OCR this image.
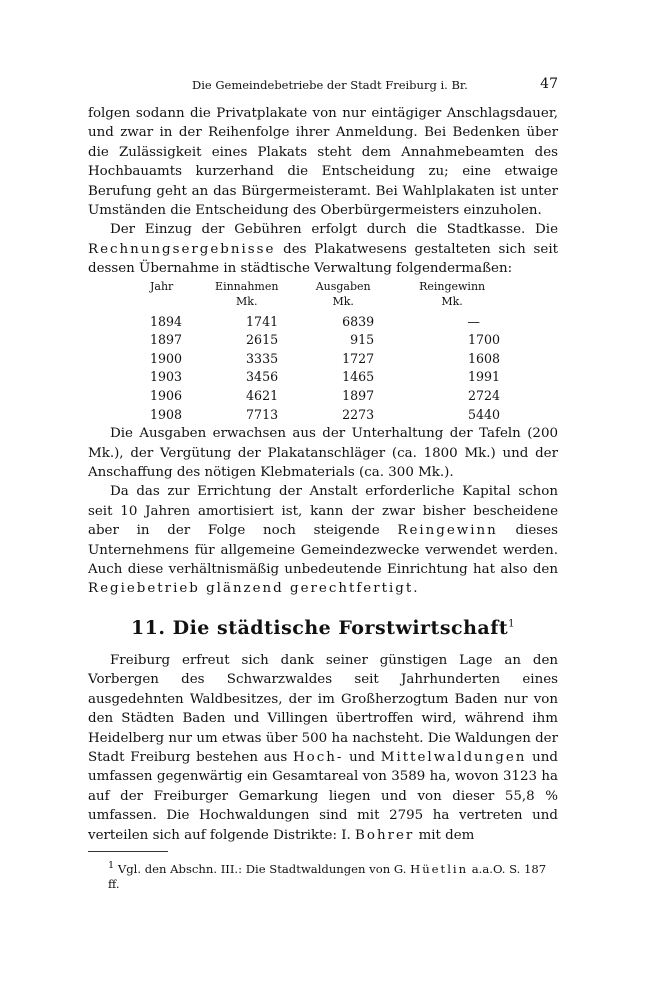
Die Gemeindebetriebe der Stadt Freiburg i. Br.	47

folgen sodann die Privatplakate von nur eintägiger Anschlagsdauer, und zwar in der Reihenfolge ihrer Anmeldung. Bei Bedenken über die Zulässigkeit eines Plakats steht dem Annahmebeamten des Hochbauamts kurzerhand die Entscheidung zu; eine etwaige Berufung geht an das Bürgermeisteramt. Bei Wahlplakaten ist unter Umständen die Entscheidung des Oberbürgermeisters einzuholen.

Der Einzug der Gebühren erfolgt durch die Stadtkasse. Die Rechnungsergebnisse des Plakatwesens gestalteten sich seit dessen Übernahme in städtische Verwaltung folgendermaßen:

Jahr	Einnahmen	Ausgaben	Reingewinn
	Mk.	Mk.	Mk.
1894	1741	6839	—
1897	2615	915	1700
1900	3335	1727	1608
1903	3456	1465	1991
1906	4621	1897	2724
1908	7713	2273	5440

Die Ausgaben erwachsen aus der Unterhaltung der Tafeln (200 Mk.), der Vergütung der Plakatanschläger (ca. 1800 Mk.) und der Anschaffung des nötigen Klebmaterials (ca. 300 Mk.).

Da das zur Errichtung der Anstalt erforderliche Kapital schon seit 10 Jahren amortisiert ist, kann der zwar bisher bescheidene aber in der Folge noch steigende Reingewinn dieses Unternehmens für allgemeine Gemeindezwecke verwendet werden. Auch diese verhältnismäßig unbedeutende Einrichtung hat also den Regiebetrieb glänzend gerechtfertigt.

11. Die städtische Forstwirtschaft$^1$

Freiburg erfreut sich dank seiner günstigen Lage an den Vorbergen des Schwarzwaldes seit Jahrhunderten eines ausgedehnten Waldbesitzes, der im Großherzogtum Baden nur von den Städten Baden und Villingen übertroffen wird, während ihm Heidelberg nur um etwas über 500 ha nachsteht. Die Waldungen der Stadt Freiburg bestehen aus Hoch- und Mittelwaldungen und umfassen gegenwärtig ein Gesamtareal von 3589 ha, wovon 3123 ha auf der Freiburger Gemarkung liegen und von dieser 55,8 % umfassen. Die Hochwaldungen sind mit 2795 ha vertreten und verteilen sich auf folgende Distrikte: I. Bohrer mit dem

$^1$ Vgl. den Abschn. III.: Die Stadtwaldungen von G. Hüetlin a.a.O. S. 187 ff.
